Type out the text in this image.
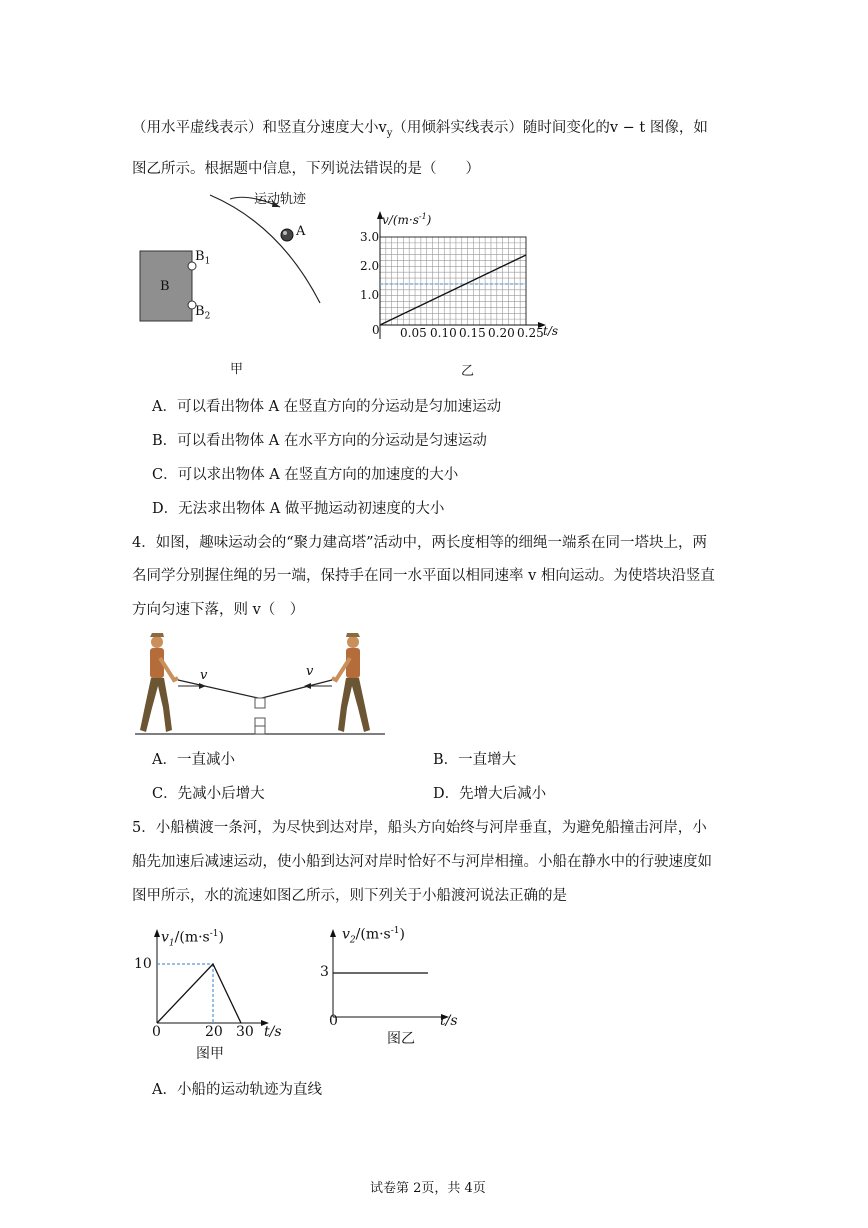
（用水平虚线表示）和竖直分速度大小$v_y$（用倾斜实线表示）随时间变化的v − t 图像，如
图乙所示。根据题中信息，下列说法错误的是（　　）
运动轨迹
A
B
$B_1$
$B_2$
甲
$v/(m\cdot s^{-1})$
3.0
2.0
1.0
0 0.05 0.10 0.15 0.20 0.25 t/s
乙
A．可以看出物体 A 在竖直方向的分运动是匀加速运动
B．可以看出物体 A 在水平方向的分运动是匀速运动
C．可以求出物体 A 在竖直方向的加速度的大小
D．无法求出物体 A 做平抛运动初速度的大小
4．如图，趣味运动会的“聚力建高塔”活动中，两长度相等的细绳一端系在同一塔块上，两
名同学分别握住绳的另一端，保持手在同一水平面以相同速率 v 相向运动。为使塔块沿竖直
方向匀速下落，则 v（　）
v	v
A．一直减小	B．一直增大
C．先减小后增大	D．先增大后减小
5．小船横渡一条河，为尽快到达对岸，船头方向始终与河岸垂直，为避免船撞击河岸，小
船先加速后减速运动，使小船到达河对岸时恰好不与河岸相撞。小船在静水中的行驶速度如
图甲所示，水的流速如图乙所示，则下列关于小船渡河说法正确的是
$v_1/(m\cdot s^{-1})$
10
0	20 30 t/s
图甲
$v_2/(m\cdot s^{-1})$
3
0	t/s
图乙
A．小船的运动轨迹为直线
试卷第 2页，共 4页
